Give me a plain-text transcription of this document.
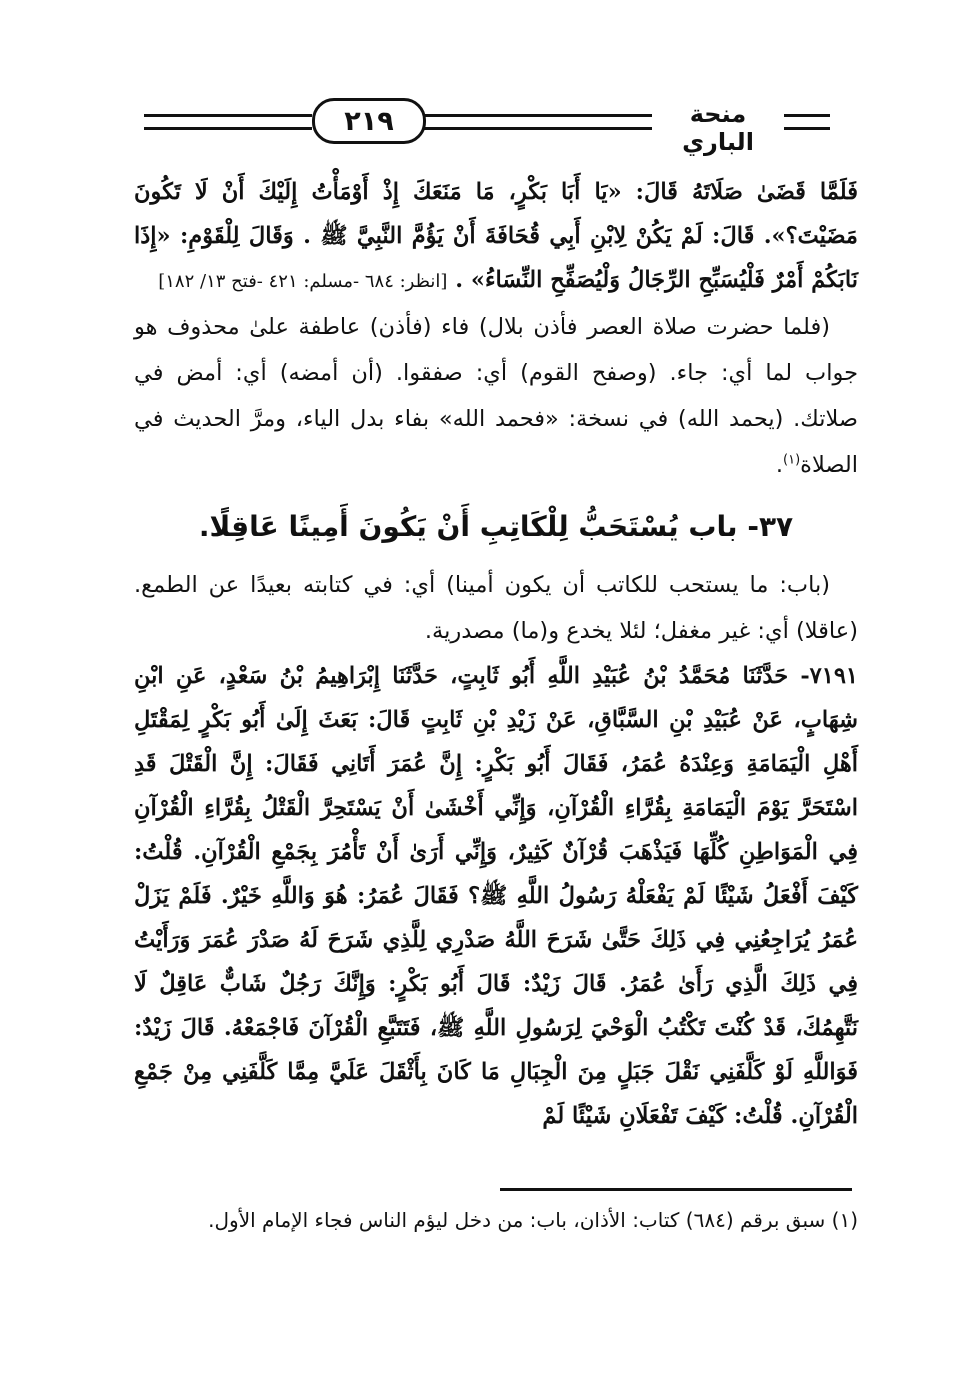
٢١٩	منحة الباري

فَلَمَّا قَضَىٰ صَلَاتَهُ قَالَ: «يَا أَبَا بَكْرٍ، مَا مَنَعَكَ إِذْ أَوْمَأْتُ إِلَيْكَ أَنْ لَا تَكُونَ مَضَيْتَ؟». قَالَ: لَمْ يَكُنْ لِابْنِ أَبِي قُحَافَةَ أَنْ يَؤُمَّ النَّبِيَّ ﷺ . وَقَالَ لِلْقَوْمِ: «إِذَا نَابَكُمْ أَمْرٌ فَلْيُسَبِّحِ الرِّجَالُ وَلْيُصَفِّحِ النِّسَاءُ» . [انظر: ٦٨٤ -مسلم: ٤٢١ -فتح ١٣/ ١٨٢]

(فلما حضرت صلاة العصر فأذن بلال) فاء (فأذن) عاطفة علىٰ محذوف هو جواب لما أي: جاء. (وصفح القوم) أي: صفقوا. (أن أمضه) أي: أمض في صلاتك. (يحمد الله) في نسخة: «فحمد الله» بفاء بدل الياء، ومرَّ الحديث في الصلاة$^{(١)}$.

٣٧- باب يُسْتَحَبُّ لِلْكَاتِبِ أَنْ يَكُونَ أَمِينًا عَاقِلًا.

(باب: ما يستحب للكاتب أن يكون أمينا) أي: في كتابته بعيدًا عن الطمع. (عاقلا) أي: غير مغفل؛ لئلا يخدع و(ما) مصدرية.

٧١٩١- حَدَّثَنَا مُحَمَّدُ بْنُ عُبَيْدِ اللَّهِ أَبُو ثَابِتٍ، حَدَّثَنَا إِبْرَاهِيمُ بْنُ سَعْدٍ، عَنِ ابْنِ شِهَابٍ، عَنْ عُبَيْدِ بْنِ السَّبَّاقِ، عَنْ زَيْدِ بْنِ ثَابِتٍ قَالَ: بَعَثَ إِلَىٰ أَبُو بَكْرٍ لِمَقْتَلِ أَهْلِ الْيَمَامَةِ وَعِنْدَهُ عُمَرُ، فَقَالَ أَبُو بَكْرٍ: إِنَّ عُمَرَ أَتَانِي فَقَالَ: إِنَّ الْقَتْلَ قَدِ اسْتَحَرَّ يَوْمَ الْيَمَامَةِ بِقُرَّاءِ الْقُرْآنِ، وَإِنِّي أَخْشَىٰ أَنْ يَسْتَحِرَّ الْقَتْلُ بِقُرَّاءِ الْقُرْآنِ فِي الْمَوَاطِنِ كُلِّهَا فَيَذْهَبَ قُرْآنٌ كَثِيرٌ، وَإِنِّي أَرَىٰ أَنْ تَأْمُرَ بِجَمْعِ الْقُرْآنِ. قُلْتُ: كَيْفَ أَفْعَلُ شَيْئًا لَمْ يَفْعَلْهُ رَسُولُ اللَّهِ ﷺ؟ فَقَالَ عُمَرُ: هُوَ وَاللَّهِ خَيْرٌ. فَلَمْ يَزَلْ عُمَرُ يُرَاجِعُنِي فِي ذَلِكَ حَتَّىٰ شَرَحَ اللَّهُ صَدْرِي لِلَّذِي شَرَحَ لَهُ صَدْرَ عُمَرَ وَرَأَيْتُ فِي ذَلِكَ الَّذِي رَأَىٰ عُمَرُ. قَالَ زَيْدٌ: قَالَ أَبُو بَكْرٍ: وَإِنَّكَ رَجُلٌ شَابٌّ عَاقِلٌ لَا نَتَّهِمُكَ، قَدْ كُنْتَ تَكْتُبُ الْوَحْيَ لِرَسُولِ اللَّهِ ﷺ، فَتَتَبَّعِ الْقُرْآنَ فَاجْمَعْهُ. قَالَ زَيْدٌ: فَوَاللَّهِ لَوْ كَلَّفَنِي نَقْلَ جَبَلٍ مِنَ الْجِبَالِ مَا كَانَ بِأَثْقَلَ عَلَيَّ مِمَّا كَلَّفَنِي مِنْ جَمْعِ الْقُرْآنِ. قُلْتُ: كَيْفَ تَفْعَلَانِ شَيْئًا لَمْ

(١) سبق برقم (٦٨٤) كتاب: الأذان، باب: من دخل ليؤم الناس فجاء الإمام الأول.
